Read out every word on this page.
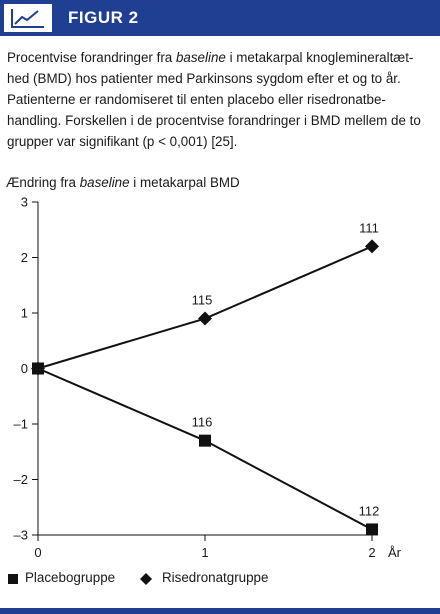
FIGUR 2
Procentvise forandringer fra baseline i metakarpal knoglemineraltæt-hed (BMD) hos patienter med Parkinsons sygdom efter et og to år. Patienterne er randomiseret til enten placebo eller risedronatbe-handling. Forskellen i de procentvise forandringer i BMD mellem de to grupper var signifikant (p < 0,001) [25].
Ændring fra baseline i metakarpal BMD
3
2
1
0
–1
–2
–3
0	1	2 År
116
112
115
111
Placebogruppe	Risedronatgruppe
